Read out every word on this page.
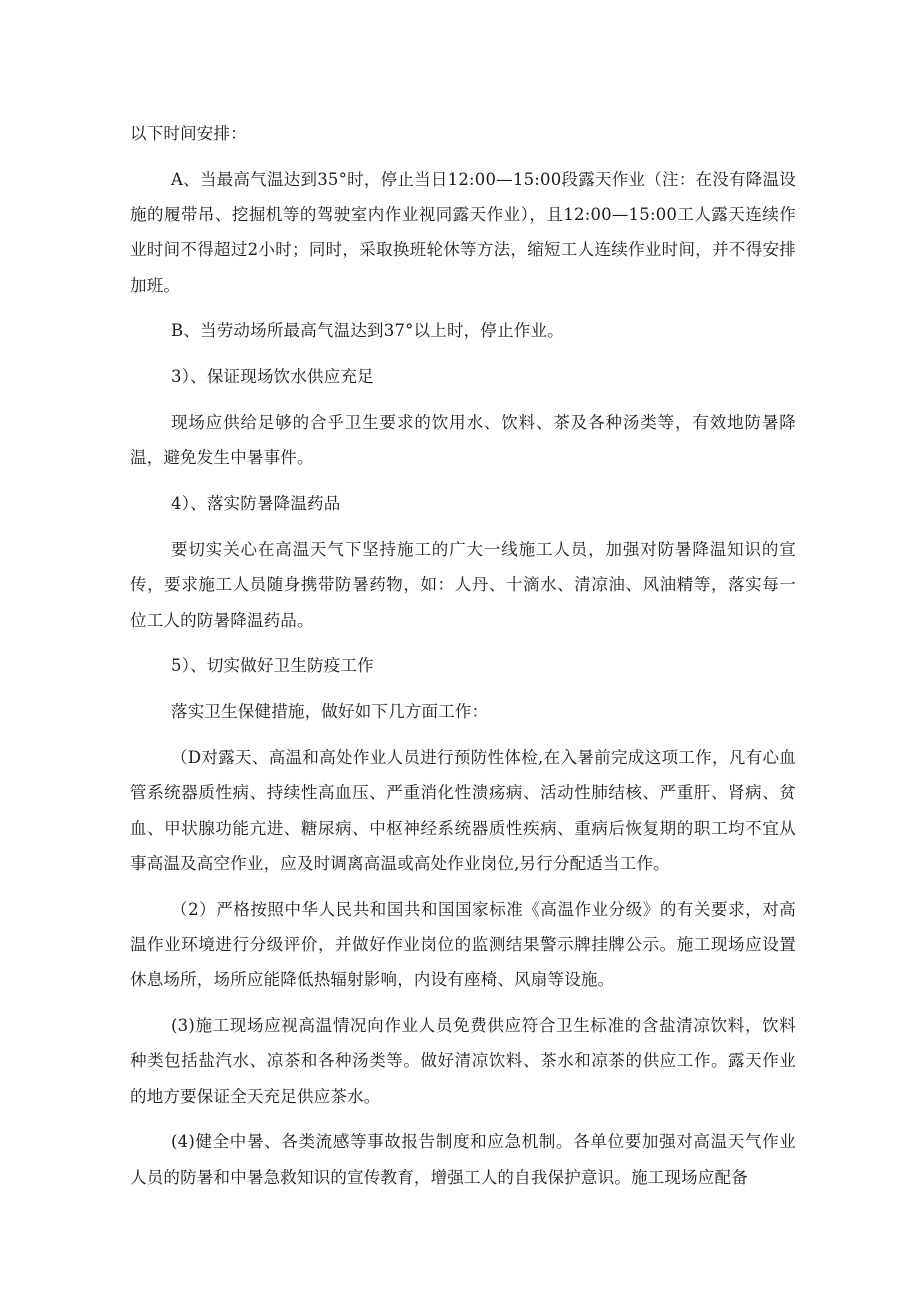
以下时间安排：

A、当最高气温达到35°时，停止当日12:00—15:00段露天作业（注：在没有降温设施的履带吊、挖掘机等的驾驶室内作业视同露天作业），且12:00—15:00工人露天连续作业时间不得超过2小时；同时，采取换班轮休等方法，缩短工人连续作业时间，并不得安排加班。

B、当劳动场所最高气温达到37°以上时，停止作业。

3）、保证现场饮水供应充足

现场应供给足够的合乎卫生要求的饮用水、饮料、茶及各种汤类等，有效地防暑降温，避免发生中暑事件。

4）、落实防暑降温药品

要切实关心在高温天气下坚持施工的广大一线施工人员，加强对防暑降温知识的宣传，要求施工人员随身携带防暑药物，如：人丹、十滴水、清凉油、风油精等，落实每一位工人的防暑降温药品。

5）、切实做好卫生防疫工作

落实卫生保健措施，做好如下几方面工作：

（D对露天、高温和高处作业人员进行预防性体检,在入暑前完成这项工作，凡有心血管系统器质性病、持续性高血压、严重消化性溃疡病、活动性肺结核、严重肝、肾病、贫血、甲状腺功能亢进、糖尿病、中枢神经系统器质性疾病、重病后恢复期的职工均不宜从事高温及高空作业，应及时调离高温或高处作业岗位,另行分配适当工作。

（2）严格按照中华人民共和国共和国国家标准《高温作业分级》的有关要求，对高温作业环境进行分级评价，并做好作业岗位的监测结果警示牌挂牌公示。施工现场应设置休息场所，场所应能降低热辐射影响，内设有座椅、风扇等设施。

(3)施工现场应视高温情况向作业人员免费供应符合卫生标准的含盐清凉饮料，饮料种类包括盐汽水、凉茶和各种汤类等。做好清凉饮料、茶水和凉茶的供应工作。露天作业的地方要保证全天充足供应茶水。

(4)健全中暑、各类流感等事故报告制度和应急机制。各单位要加强对高温天气作业人员的防暑和中暑急救知识的宣传教育，增强工人的自我保护意识。施工现场应配备
